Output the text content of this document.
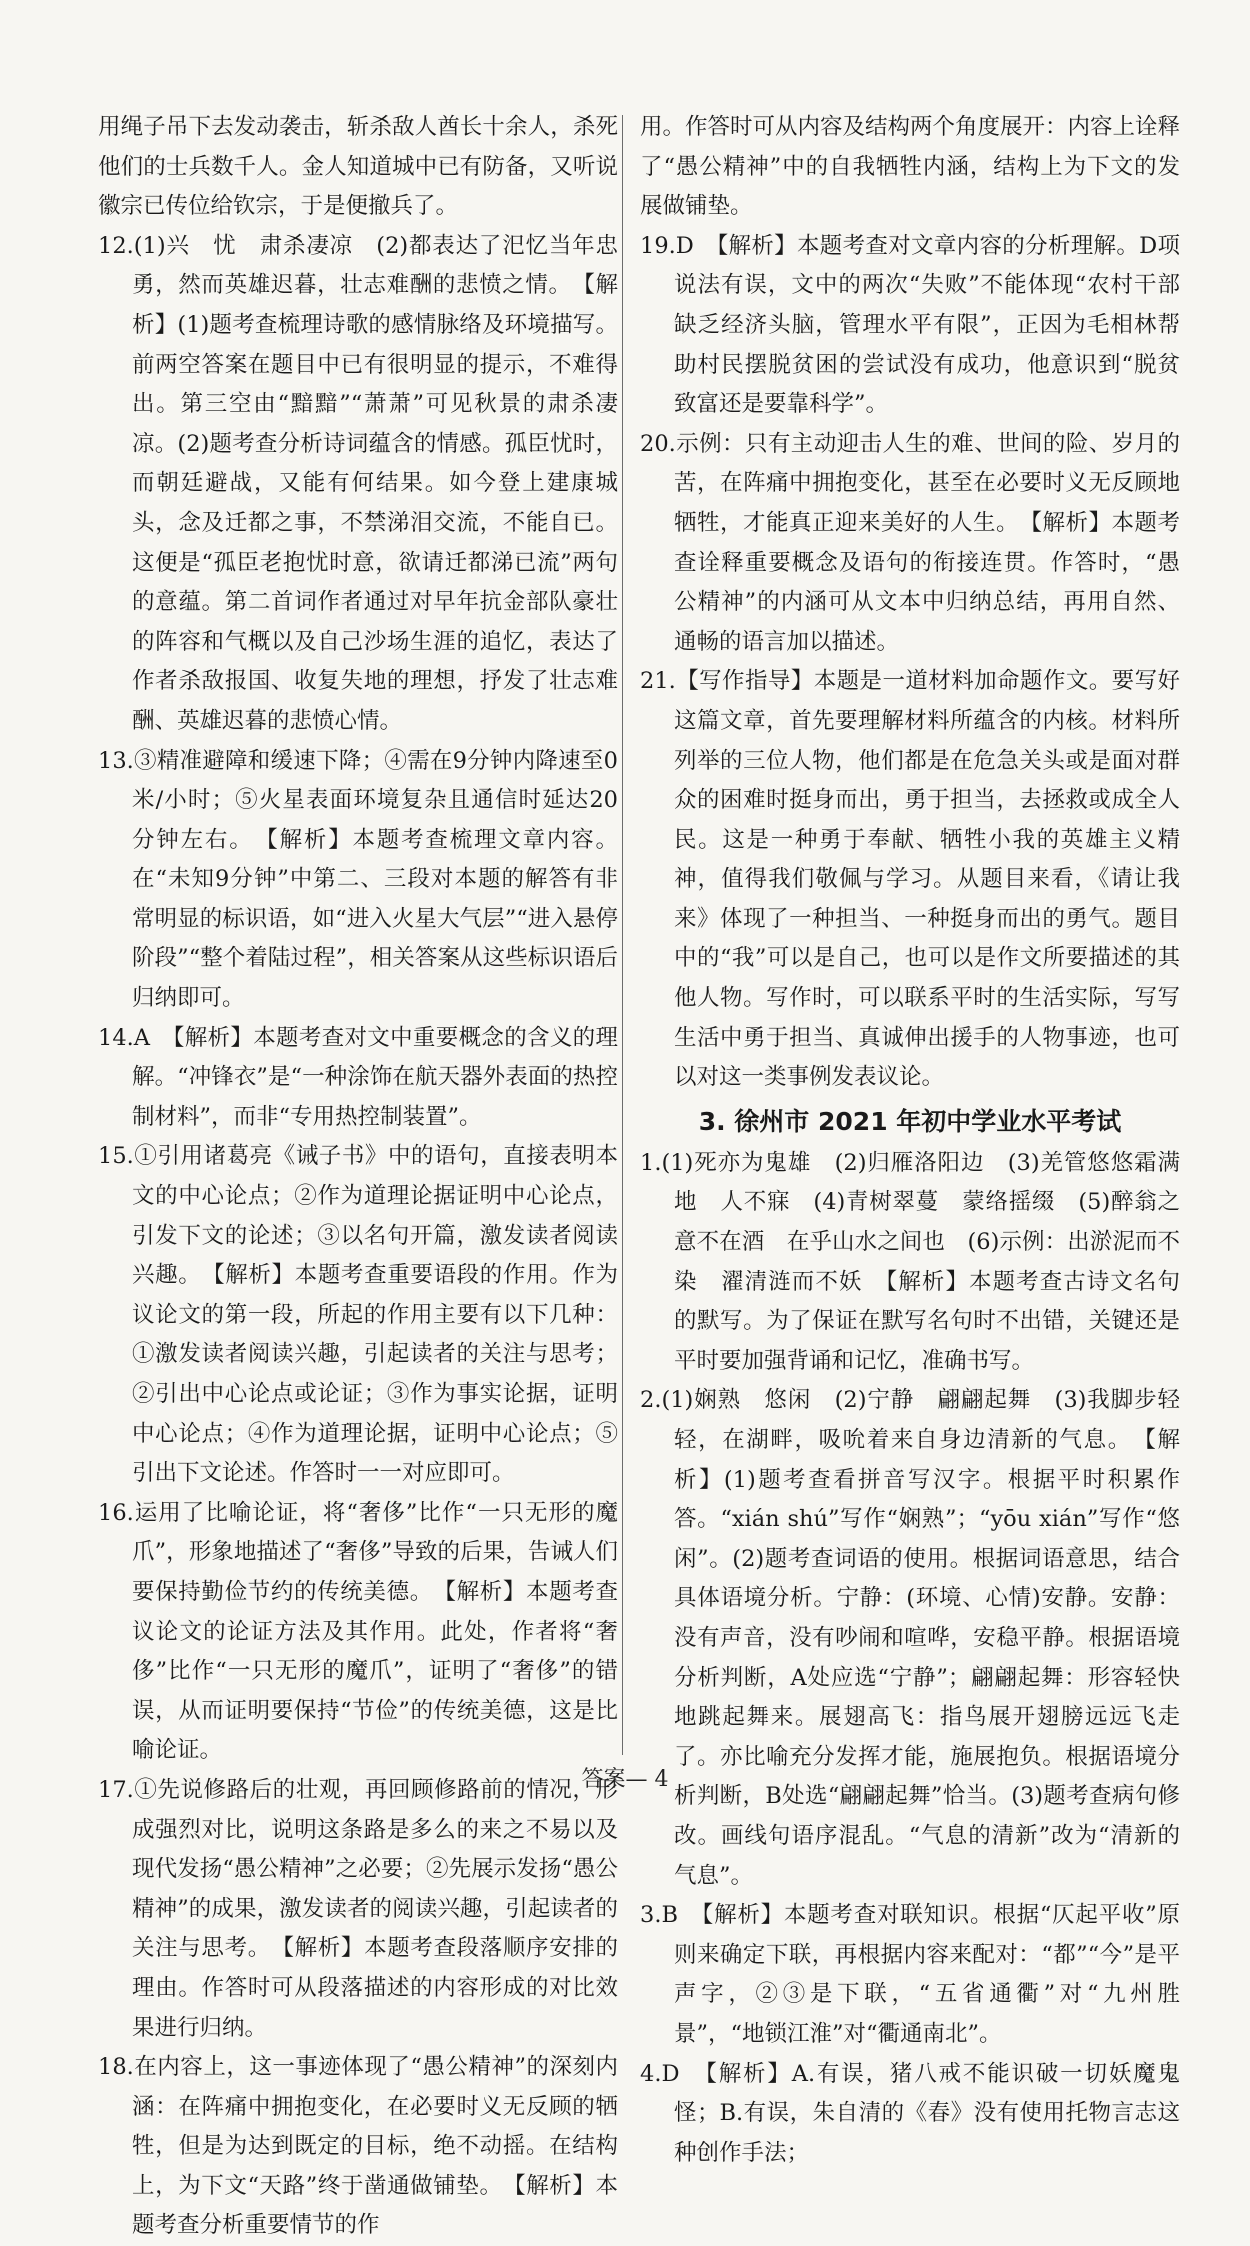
用绳子吊下去发动袭击，斩杀敌人酋长十余人，杀死他们的士兵数千人。金人知道城中已有防备，又听说徽宗已传位给钦宗，于是便撤兵了。

12.(1)兴　忧　肃杀凄凉　(2)都表达了汜忆当年忠勇，然而英雄迟暮，壮志难酬的悲愤之情。　【解析】(1)题考查梳理诗歌的感情脉络及环境描写。前两空答案在题目中已有很明显的提示，不难得出。第三空由“黯黯”“萧萧”可见秋景的肃杀凄凉。(2)题考查分析诗词蕴含的情感。孤臣忧时，而朝廷避战，又能有何结果。如今登上建康城头，念及迁都之事，不禁涕泪交流，不能自已。这便是“孤臣老抱忧时意，欲请迁都涕已流”两句的意蕴。第二首词作者通过对早年抗金部队豪壮的阵容和气概以及自己沙场生涯的追忆，表达了作者杀敌报国、收复失地的理想，抒发了壮志难酬、英雄迟暮的悲愤心情。

13.③精准避障和缓速下降；④需在9分钟内降速至0米/小时；⑤火星表面环境复杂且通信时延达20分钟左右。　【解析】本题考查梳理文章内容。在“未知9分钟”中第二、三段对本题的解答有非常明显的标识语，如“进入火星大气层”“进入悬停阶段”“整个着陆过程”，相关答案从这些标识语后归纳即可。

14.A　【解析】本题考查对文中重要概念的含义的理解。“冲锋衣”是“一种涂饰在航天器外表面的热控制材料”，而非“专用热控制装置”。

15.①引用诸葛亮《诫子书》中的语句，直接表明本文的中心论点；②作为道理论据证明中心论点，引发下文的论述；③以名句开篇，激发读者阅读兴趣。　【解析】本题考查重要语段的作用。作为议论文的第一段，所起的作用主要有以下几种：①激发读者阅读兴趣，引起读者的关注与思考；②引出中心论点或论证；③作为事实论据，证明中心论点；④作为道理论据，证明中心论点；⑤引出下文论述。作答时一一对应即可。

16.运用了比喻论证，将“奢侈”比作“一只无形的魔爪”，形象地描述了“奢侈”导致的后果，告诫人们要保持勤俭节约的传统美德。　【解析】本题考查议论文的论证方法及其作用。此处，作者将“奢侈”比作“一只无形的魔爪”，证明了“奢侈”的错误，从而证明要保持“节俭”的传统美德，这是比喻论证。

17.①先说修路后的壮观，再回顾修路前的情况，形成强烈对比，说明这条路是多么的来之不易以及现代发扬“愚公精神”之必要；②先展示发扬“愚公精神”的成果，激发读者的阅读兴趣，引起读者的关注与思考。　【解析】本题考查段落顺序安排的理由。作答时可从段落描述的内容形成的对比效果进行归纳。

18.在内容上，这一事迹体现了“愚公精神”的深刻内涵：在阵痛中拥抱变化，在必要时义无反顾的牺牲，但是为达到既定的目标，绝不动摇。在结构上，为下文“天路”终于凿通做铺垫。　【解析】本题考查分析重要情节的作

用。作答时可从内容及结构两个角度展开：内容上诠释了“愚公精神”中的自我牺牲内涵，结构上为下文的发展做铺垫。

19.D　【解析】本题考查对文章内容的分析理解。D项说法有误，文中的两次“失败”不能体现“农村干部缺乏经济头脑，管理水平有限”，正因为毛相林帮助村民摆脱贫困的尝试没有成功，他意识到“脱贫致富还是要靠科学”。

20.示例：只有主动迎击人生的难、世间的险、岁月的苦，在阵痛中拥抱变化，甚至在必要时义无反顾地牺牲，才能真正迎来美好的人生。　【解析】本题考查诠释重要概念及语句的衔接连贯。作答时，“愚公精神”的内涵可从文本中归纳总结，再用自然、通畅的语言加以描述。

21.【写作指导】本题是一道材料加命题作文。要写好这篇文章，首先要理解材料所蕴含的内核。材料所列举的三位人物，他们都是在危急关头或是面对群众的困难时挺身而出，勇于担当，去拯救或成全人民。这是一种勇于奉献、牺牲小我的英雄主义精神，值得我们敬佩与学习。从题目来看，《请让我来》体现了一种担当、一种挺身而出的勇气。题目中的“我”可以是自己，也可以是作文所要描述的其他人物。写作时，可以联系平时的生活实际，写写生活中勇于担当、真诚伸出援手的人物事迹，也可以对这一类事例发表议论。

3. 徐州市 2021 年初中学业水平考试

1.(1)死亦为鬼雄　(2)归雁洛阳边　(3)羌管悠悠霜满地　人不寐　(4)青树翠蔓　蒙络摇缀　(5)醉翁之意不在酒　在乎山水之间也　(6)示例：出淤泥而不染　濯清涟而不妖　【解析】本题考查古诗文名句的默写。为了保证在默写名句时不出错，关键还是平时要加强背诵和记忆，准确书写。

2.(1)娴熟　悠闲　(2)宁静　翩翩起舞　(3)我脚步轻轻，在湖畔，吸吮着来自身边清新的气息。　【解析】(1)题考查看拼音写汉字。根据平时积累作答。“xián shú”写作“娴熟”；“yōu xián”写作“悠闲”。(2)题考查词语的使用。根据词语意思，结合具体语境分析。宁静：(环境、心情)安静。安静：没有声音，没有吵闹和喧哗，安稳平静。根据语境分析判断，A处应选“宁静”；翩翩起舞：形容轻快地跳起舞来。展翅高飞：指鸟展开翅膀远远飞走了。亦比喻充分发挥才能，施展抱负。根据语境分析判断，B处选“翩翩起舞”恰当。(3)题考查病句修改。画线句语序混乱。“气息的清新”改为“清新的气息”。

3.B　【解析】本题考查对联知识。根据“仄起平收”原则来确定下联，再根据内容来配对：“都”“今”是平声字，②③是下联，“五省通衢”对“九州胜景”，“地锁江淮”对“衢通南北”。

4.D　【解析】A.有误，猪八戒不能识破一切妖魔鬼怪；B.有误，朱自清的《春》没有使用托物言志这种创作手法；

答案— 4
